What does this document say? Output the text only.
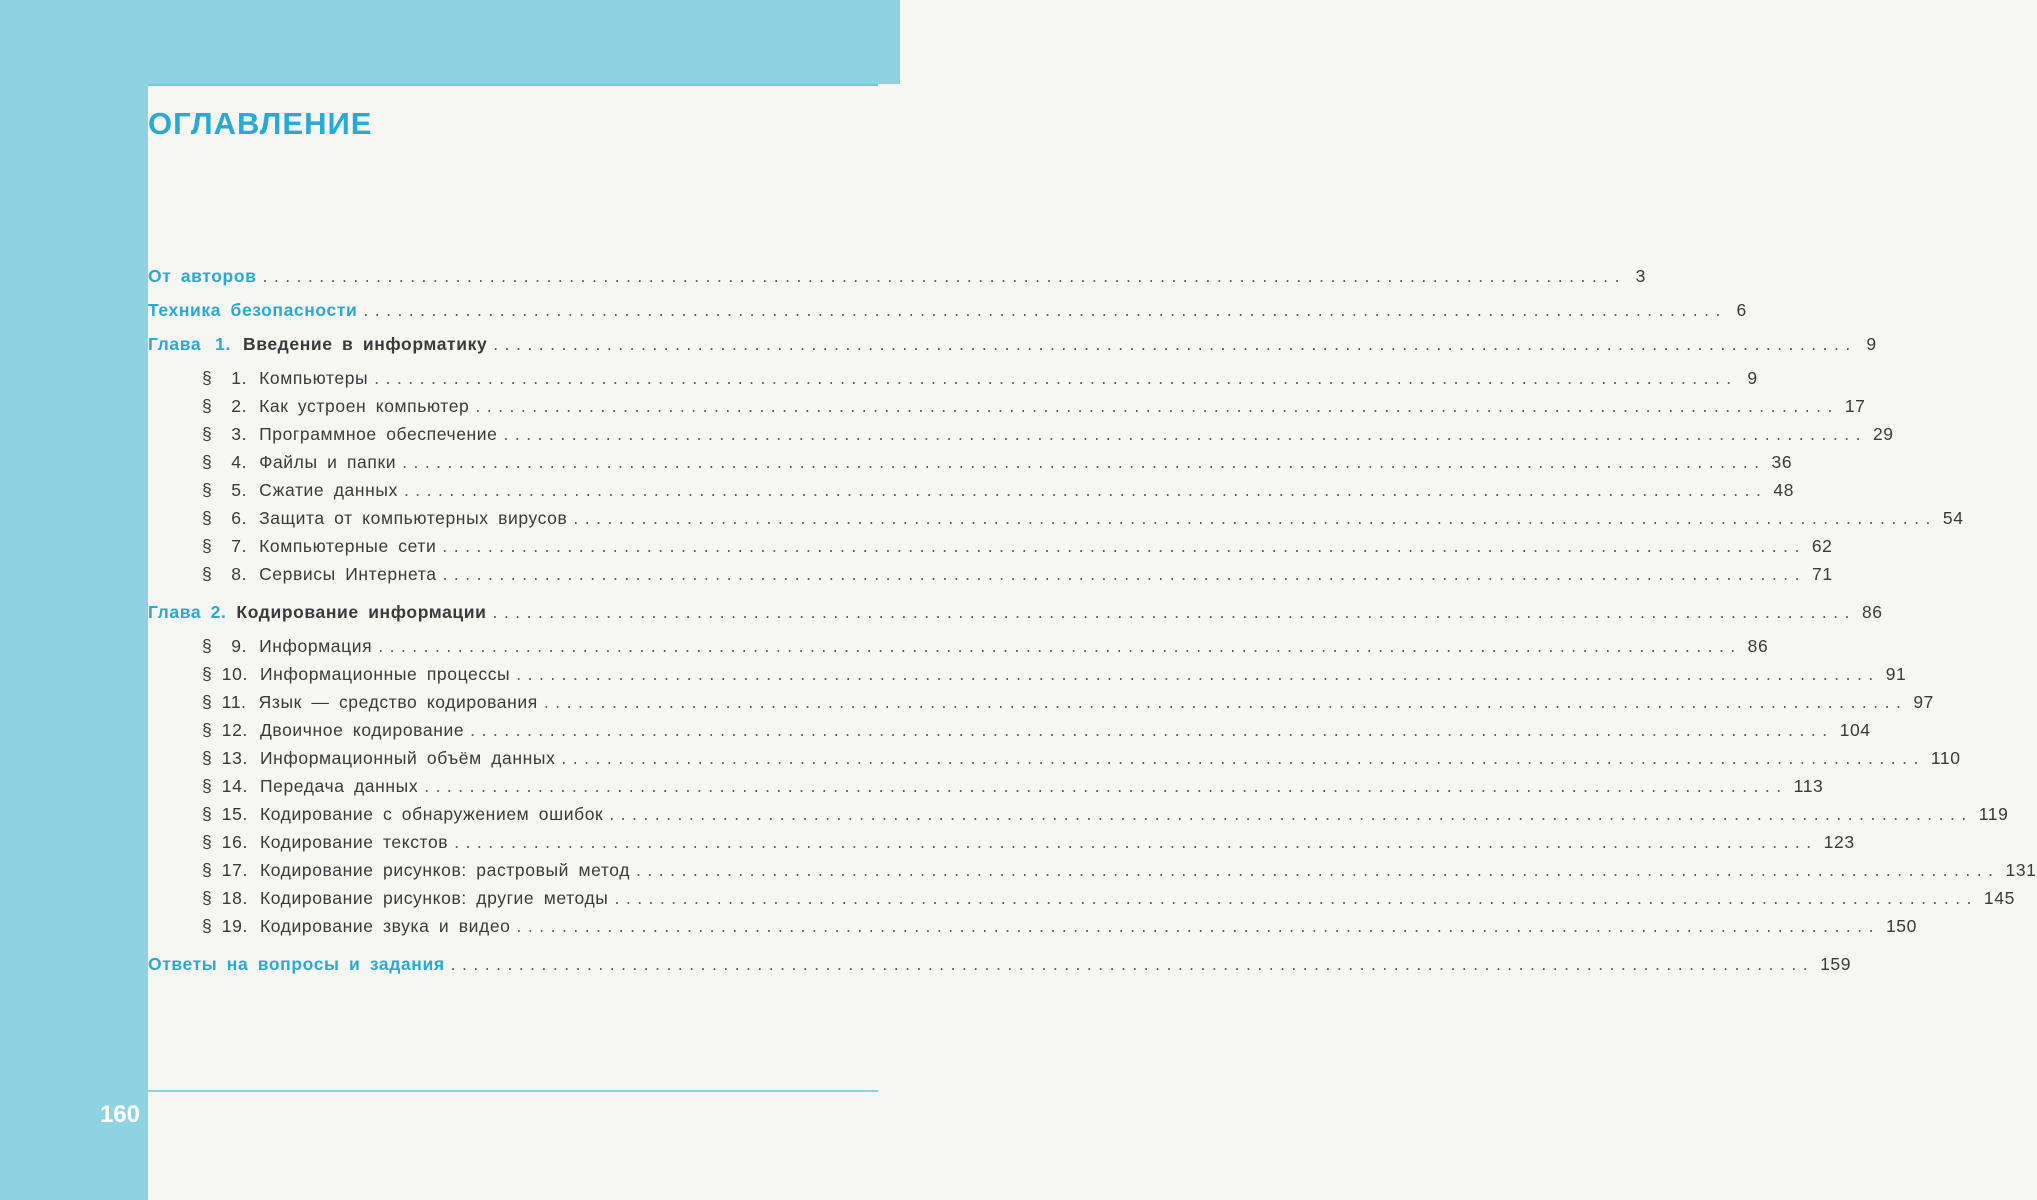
160
ОГЛАВЛЕНИЕ
От авторов ........................................................................................................................ 3
Техника безопасности ........................................................................................................................ 6
Глава 1. Введение в информатику ........................................................................................................................ 9
§  1. Компьютеры ........................................................................................................................ 9
§  2. Как устроен компьютер ........................................................................................................................ 17
§  3. Программное обеспечение ........................................................................................................................ 29
§  4. Файлы и папки ........................................................................................................................ 36
§  5. Сжатие данных ........................................................................................................................ 48
§  6. Защита от компьютерных вирусов ........................................................................................................................ 54
§  7. Компьютерные сети ........................................................................................................................ 62
§  8. Сервисы Интернета ........................................................................................................................ 71
Глава 2. Кодирование информации ........................................................................................................................ 86
§  9. Информация ........................................................................................................................ 86
§ 10. Информационные процессы ........................................................................................................................ 91
§ 11. Язык — средство кодирования ........................................................................................................................ 97
§ 12. Двоичное кодирование ........................................................................................................................ 104
§ 13. Информационный объём данных ........................................................................................................................ 110
§ 14. Передача данных ........................................................................................................................ 113
§ 15. Кодирование с обнаружением ошибок ........................................................................................................................ 119
§ 16. Кодирование текстов ........................................................................................................................ 123
§ 17. Кодирование рисунков: растровый метод ........................................................................................................................ 131
§ 18. Кодирование рисунков: другие методы ........................................................................................................................ 145
§ 19. Кодирование звука и видео ........................................................................................................................ 150
Ответы на вопросы и задания ........................................................................................................................ 159
